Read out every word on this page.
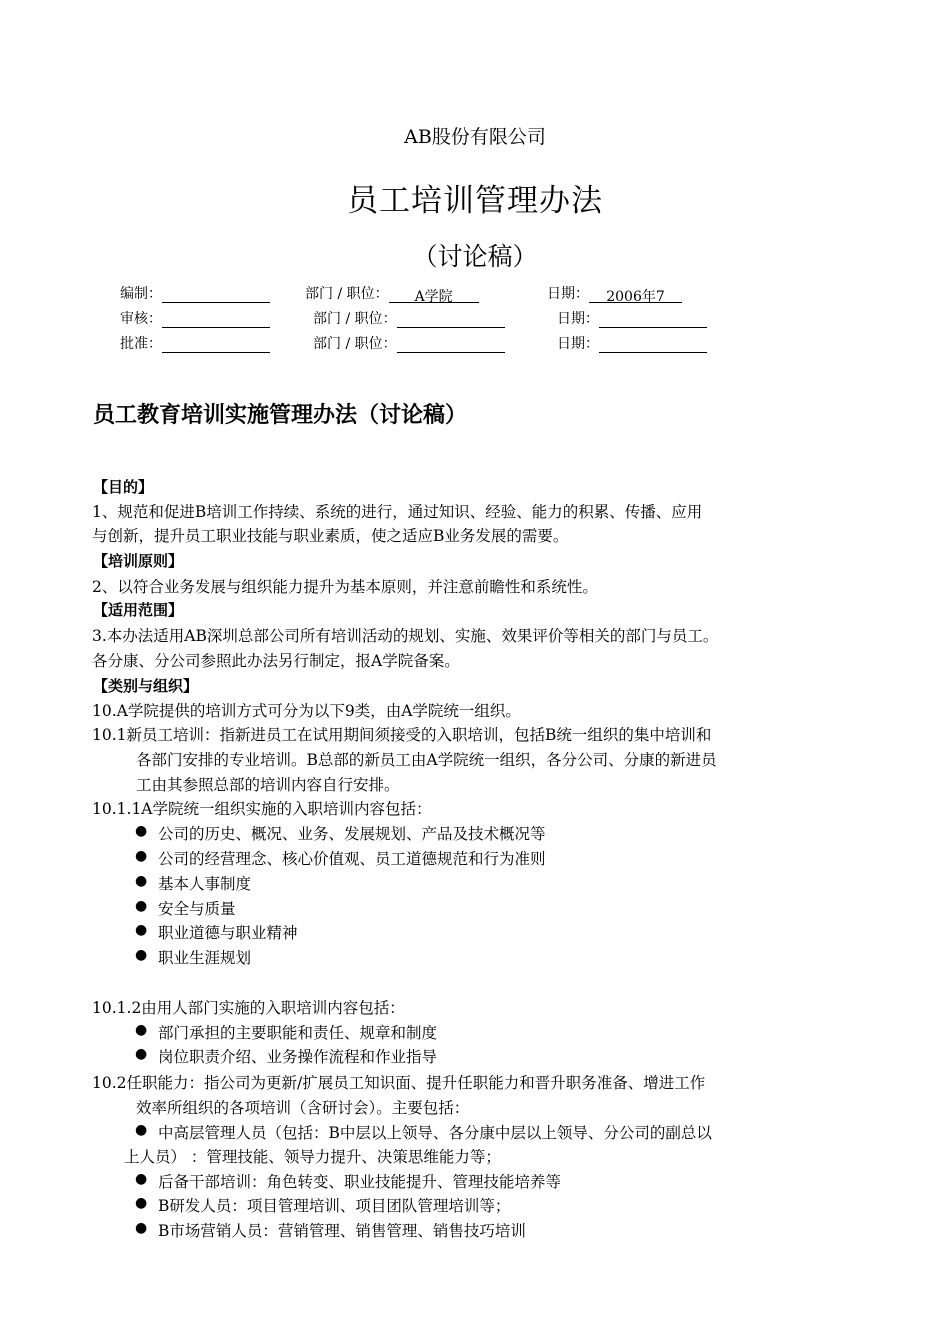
AB股份有限公司
员工培训管理办法
（讨论稿）
编制：	部门 / 职位： A学院	日期： 2006年7
审核：	部门 / 职位：	日期：
批准：	部门 / 职位：	日期：
员工教育培训实施管理办法（讨论稿）
【目的】
1、规范和促进B培训工作持续、系统的进行，通过知识、经验、能力的积累、传播、应用
与创新，提升员工职业技能与职业素质，使之适应B业务发展的需要。
【培训原则】
2、以符合业务发展与组织能力提升为基本原则，并注意前瞻性和系统性。
【适用范围】
3.本办法适用AB深圳总部公司所有培训活动的规划、实施、效果评价等相关的部门与员工。
各分康、分公司参照此办法另行制定，报A学院备案。
【类别与组织】
10.A学院提供的培训方式可分为以下9类，由A学院统一组织。
10.1新员工培训：指新进员工在试用期间须接受的入职培训，包括B统一组织的集中培训和
各部门安排的专业培训。B总部的新员工由A学院统一组织，各分公司、分康的新进员
工由其参照总部的培训内容自行安排。
10.1.1A学院统一组织实施的入职培训内容包括：
● 公司的历史、概况、业务、发展规划、产品及技术概况等
● 公司的经营理念、核心价值观、员工道德规范和行为准则
● 基本人事制度
● 安全与质量
● 职业道德与职业精神
● 职业生涯规划
10.1.2由用人部门实施的入职培训内容包括：
● 部门承担的主要职能和责任、规章和制度
● 岗位职责介绍、业务操作流程和作业指导
10.2任职能力：指公司为更新/扩展员工知识面、提升任职能力和晋升职务准备、增进工作
效率所组织的各项培训（含研讨会）。主要包括：
● 中高层管理人员（包括：B中层以上领导、各分康中层以上领导、分公司的副总以
上人员） ：管理技能、领导力提升、决策思维能力等；
● 后备干部培训：角色转变、职业技能提升、管理技能培养等
● B研发人员：项目管理培训、项目团队管理培训等；
● B市场营销人员：营销管理、销售管理、销售技巧培训
